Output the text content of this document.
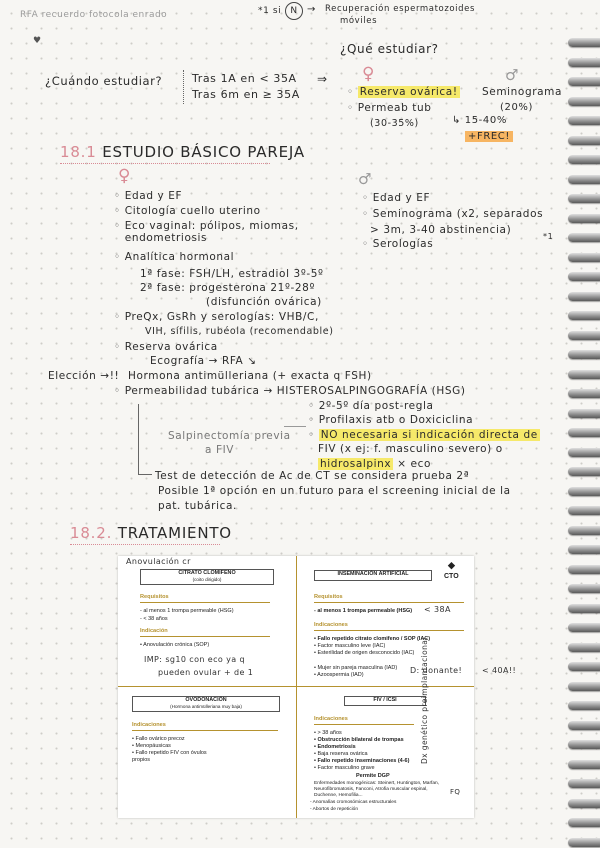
RFA recuerdo fotocola enrado	*1 si	N → Recuperación espermatozoides
móviles
♥
¿Qué estudiar?
¿Cuándo estudiar?	Tras 1A en < 35A
Tras 6m en ≥ 35A
⇒ ♀
◦ Reserva ovárica!
◦ Permeab tub
(30-35%)	↳ 15-40%
+FREC!
♂
Seminograma
(20%)
18.1 ESTUDIO BÁSICO PAREJA
♀
◦ Edad y EF
◦ Citología cuello uterino
◦ Eco vaginal: pólipos, miomas, endometriosis
◦ Analítica hormonal
1ª fase: FSH/LH, estradiol 3º-5º
2ª fase: progesterona 21º-28º
(disfunción ovárica)
◦ PreQx, GsRh y serologías: VHB/C,
VIH, sífilis, rubéola (recomendable)
◦ Reserva ovárica
Ecografía → RFA ↘
Elección →!! Hormona antimülleriana (+ exacta q FSH)
◦ Permeabilidad tubárica → HISTEROSALPINGOGRAFÍA (HSG)
◦ 2º-5º día post-regla
◦ Profilaxis atb o Doxiciclina
◦ NO necesaria si indicación directa de
FIV (x ej: f. masculino severo) o
hidrosalpinx × eco
Salpinectomía previa
a FIV
Test de detección de Ac de CT se considera prueba 2ª
Posible 1ª opción en un futuro para el screening inicial de la
pat. tubárica.
♂
◦ Edad y EF
◦ Seminograma (x2, separados
◦ Serologías
> 3m, 3-40 abstinencia)
*1
18.2. TRATAMIENTO
Anovulación cr
CITRATO CLOMIFENO
(coito dirigido)
Requisitos
- al menos 1 trompa permeable (HSG)
- < 38 años
Indicación
• Anovulación crónica (SOP)
IMP: sg10 con eco ya q
pueden ovular + de 1
INSEMINACIÓN ARTIFICIAL
◆
CTO
Requisitos
- al menos 1 trompa permeable (HSG) < 38A
Indicaciones
• Fallo repetido citrato clomifeno / SOP (IAC)
• Factor masculino leve (IAC)
• Esterilidad de origen desconocido (IAC)
• Mujer sin pareja masculina (IAD)
• Azoospermia (IAD)	D: donante! < 40A!!
OVODONACIÓN
(Hormona antimülleriana muy baja)
Indicaciones
• Fallo ovárico precoz
• Menopáusicas
• Fallo repetido FIV con óvulos
propios
FIV / ICSI
Indicaciones
• > 38 años
• Obstrucción bilateral de trompas
• Endometriosis
• Baja reserva ovárica
• Fallo repetido inseminaciones (4-6)
• Factor masculino grave
Permite DGP
Enfermedades monogénicas: Steinert, Huntington, Marfan,
Neurofibromatosis, Fanconi, Atrofia muscular espinal,
Duchenne, Hemofilia...
- Anomalías cromosómicas estructurales
- Abortos de repetición
Dx genético preimplantacional
FQ
